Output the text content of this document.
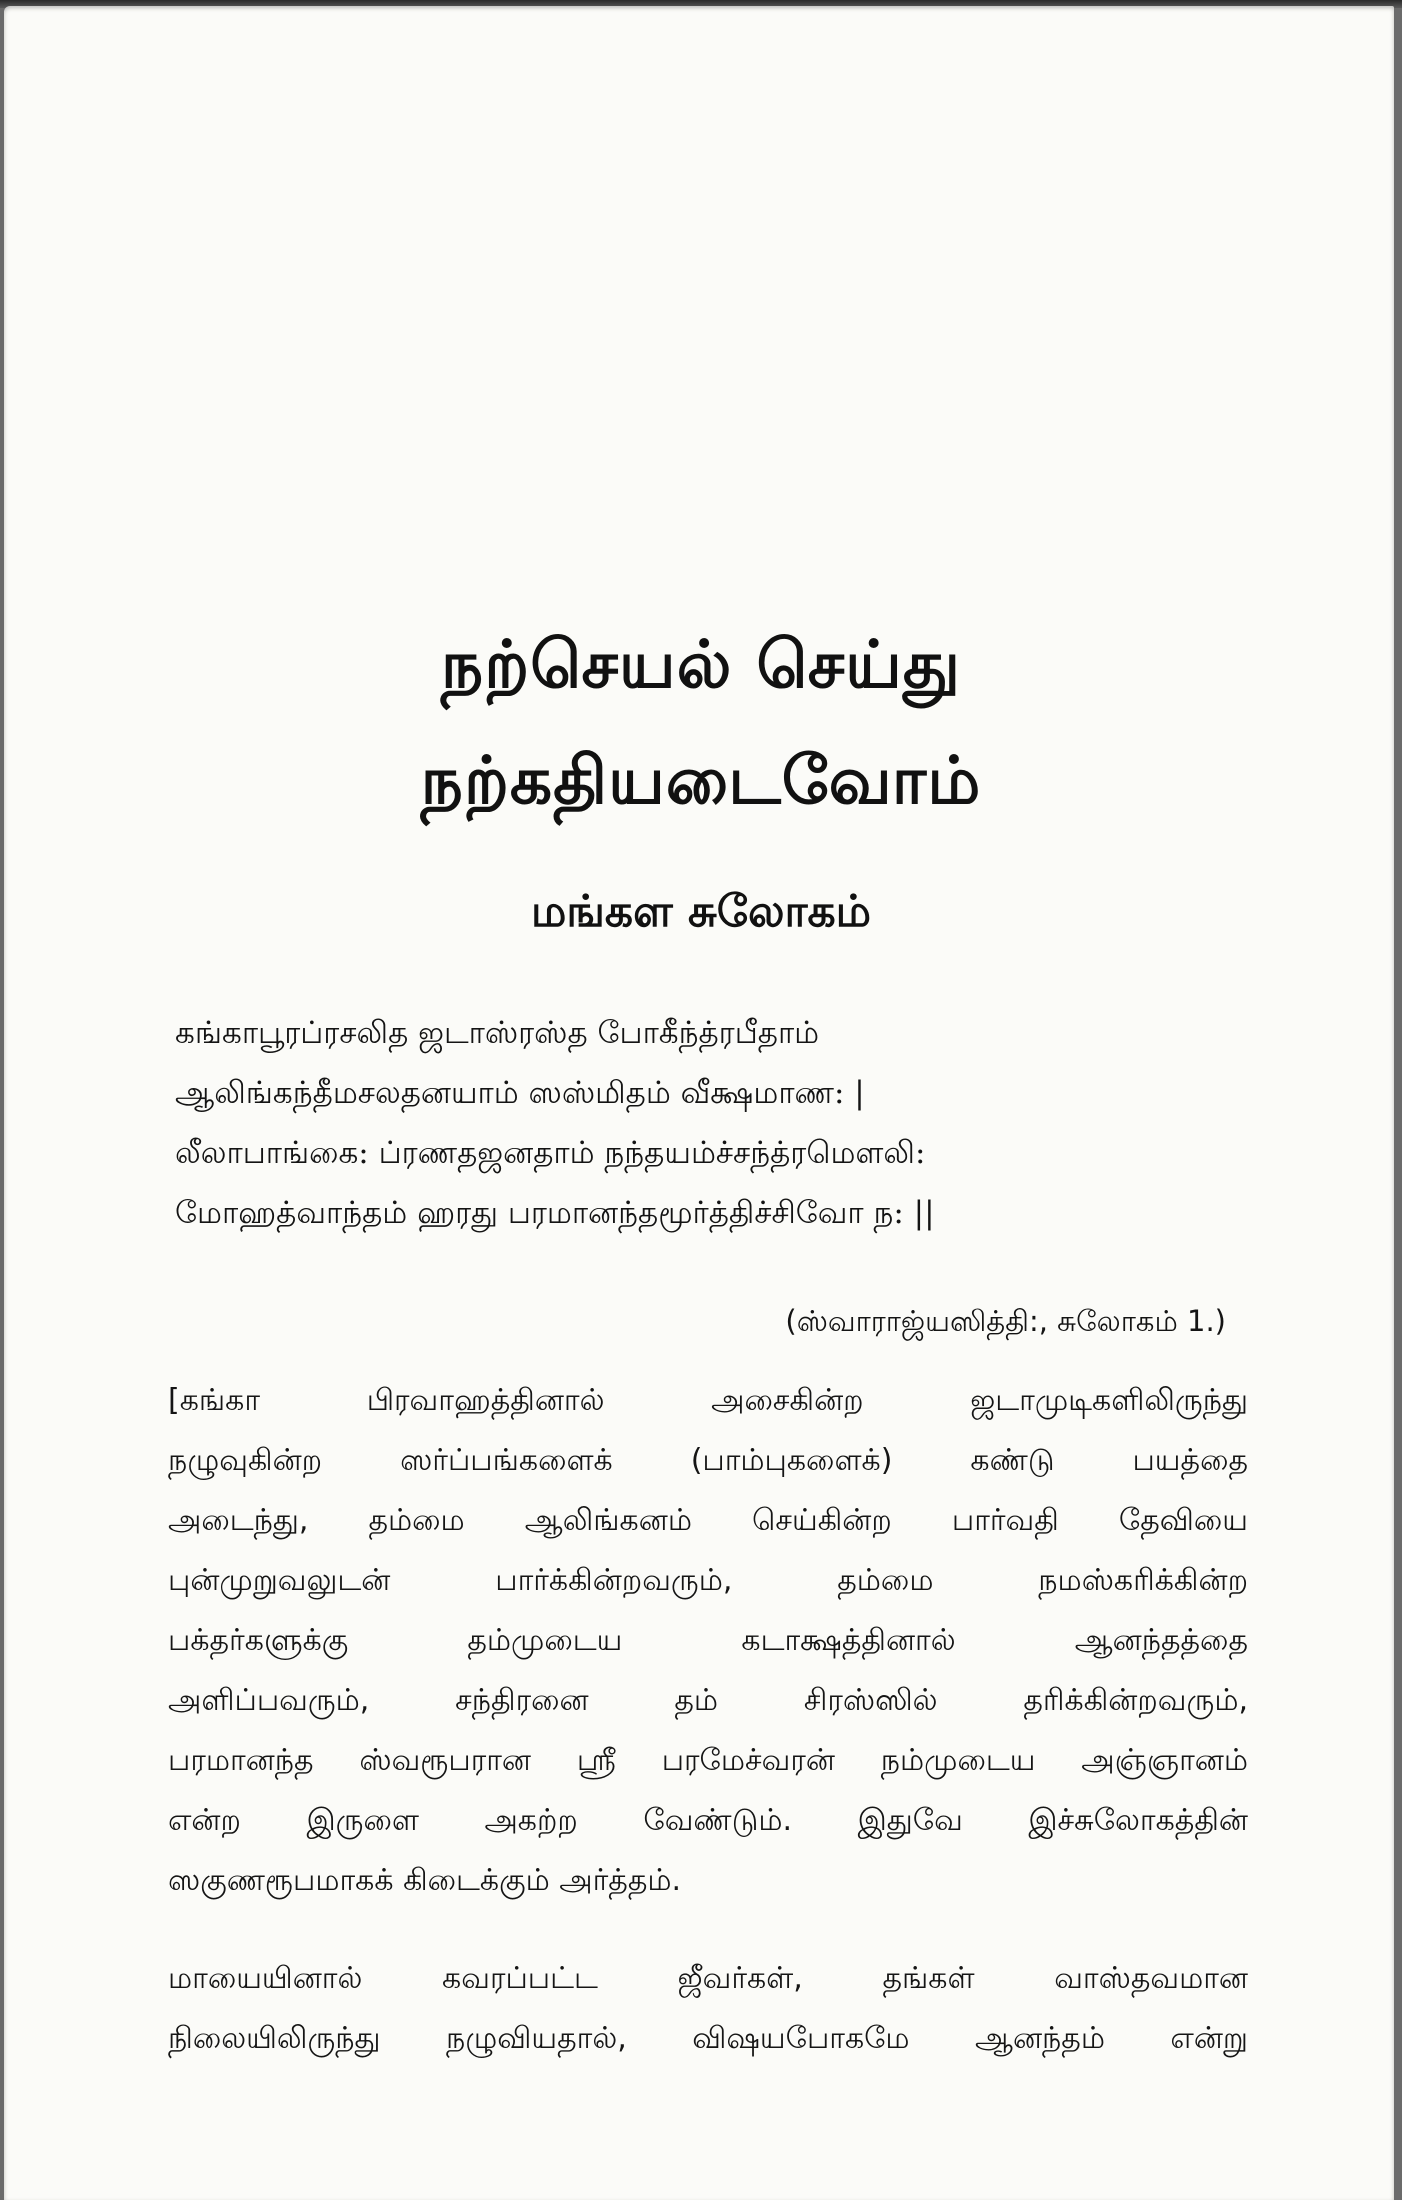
நற்செயல் செய்து
நற்கதியடைவோம்
மங்கள சுலோகம்
கங்காபூரப்ரசலித ஜடாஸ்ரஸ்த போகீந்த்ரபீதாம்
ஆலிங்கந்தீமசலதனயாம் ஸஸ்மிதம் வீக்ஷமாண: |
லீலாபாங்கை: ப்ரணதஜனதாம் நந்தயம்ச்சந்த்ரமௌலி:
மோஹத்வாந்தம் ஹரது பரமானந்தமூர்த்திச்சிவோ ந: ||
(ஸ்வாராஜ்யஸித்தி:, சுலோகம் 1.)
[கங்கா பிரவாஹத்தினால் அசைகின்ற ஜடாமுடிகளிலிருந்து
நழுவுகின்ற ஸர்ப்பங்களைக் (பாம்புகளைக்) கண்டு பயத்தை
அடைந்து, தம்மை ஆலிங்கனம் செய்கின்ற பார்வதி தேவியை
புன்முறுவலுடன் பார்க்கின்றவரும், தம்மை நமஸ்கரிக்கின்ற
பக்தர்களுக்கு தம்முடைய கடாக்ஷத்தினால் ஆனந்தத்தை
அளிப்பவரும், சந்திரனை தம் சிரஸ்ஸில் தரிக்கின்றவரும்,
பரமானந்த ஸ்வரூபரான ஸ்ரீ பரமேச்வரன் நம்முடைய அஞ்ஞானம்
என்ற இருளை அகற்ற வேண்டும். இதுவே இச்சுலோகத்தின்
ஸகுணரூபமாகக் கிடைக்கும் அர்த்தம்.
மாயையினால் கவரப்பட்ட ஜீவர்கள், தங்கள் வாஸ்தவமான
நிலையிலிருந்து நழுவியதால், விஷயபோகமே ஆனந்தம் என்று
